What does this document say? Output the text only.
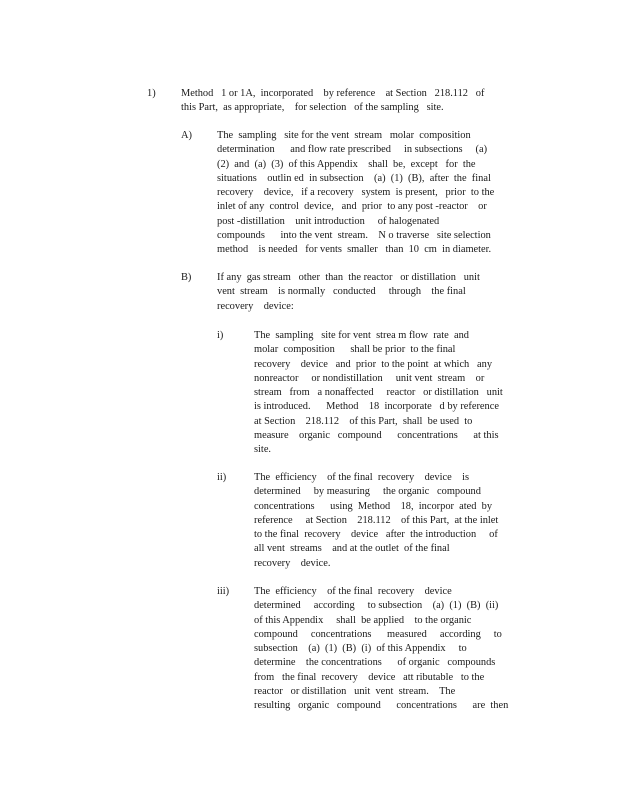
1) Method   1 or 1A,  incorporated    by reference    at Section   218.112   of
this Part,  as appropriate,    for selection   of the sampling   site.
A) The  sampling   site for the vent  stream   molar  composition
determination      and flow rate prescribed     in subsections     (a)
(2)  and  (a)  (3)  of this Appendix    shall  be,  except   for  the
situations    outlin ed  in subsection    (a)  (1)  (B),  after  the  final
recovery    device,   if a recovery   system  is present,   prior  to the
inlet of any  control  device,   and  prior  to any post -reactor    or
post -distillation    unit introduction     of halogenated
compounds      into the vent  stream.    N o traverse   site selection
method    is needed   for vents  smaller   than  10  cm  in diameter.
B) If any  gas stream   other  than  the reactor   or distillation   unit
vent  stream    is normally   conducted     through    the final
recovery    device:
i)	The  sampling   site for vent  strea m flow  rate  and
molar  composition      shall be prior  to the final
recovery    device   and  prior  to the point  at which   any
nonreactor     or nondistillation     unit vent  stream    or
stream   from   a nonaffected     reactor   or distillation   unit
is introduced.      Method    18  incorporate   d by reference
at Section    218.112    of this Part,  shall  be used  to
measure    organic   compound      concentrations      at this
site.
ii)	The  efficiency    of the final  recovery    device    is
determined     by measuring     the organic   compound
concentrations      using  Method    18,  incorpor  ated  by
reference     at Section    218.112    of this Part,  at the inlet
to the final  recovery    device   after  the introduction     of
all vent  streams    and at the outlet  of the final
recovery    device.
iii) The  efficiency    of the final  recovery    device
determined     according     to subsection    (a)  (1)  (B)  (ii)
of this Appendix     shall  be applied    to the organic
compound     concentrations      measured     according     to
subsection    (a)  (1)  (B)  (i)  of this Appendix     to
determine    the concentrations      of organic   compounds
from   the final  recovery    device   att ributable   to the
reactor   or distillation   unit  vent  stream.    The
resulting   organic   compound      concentrations      are  then
